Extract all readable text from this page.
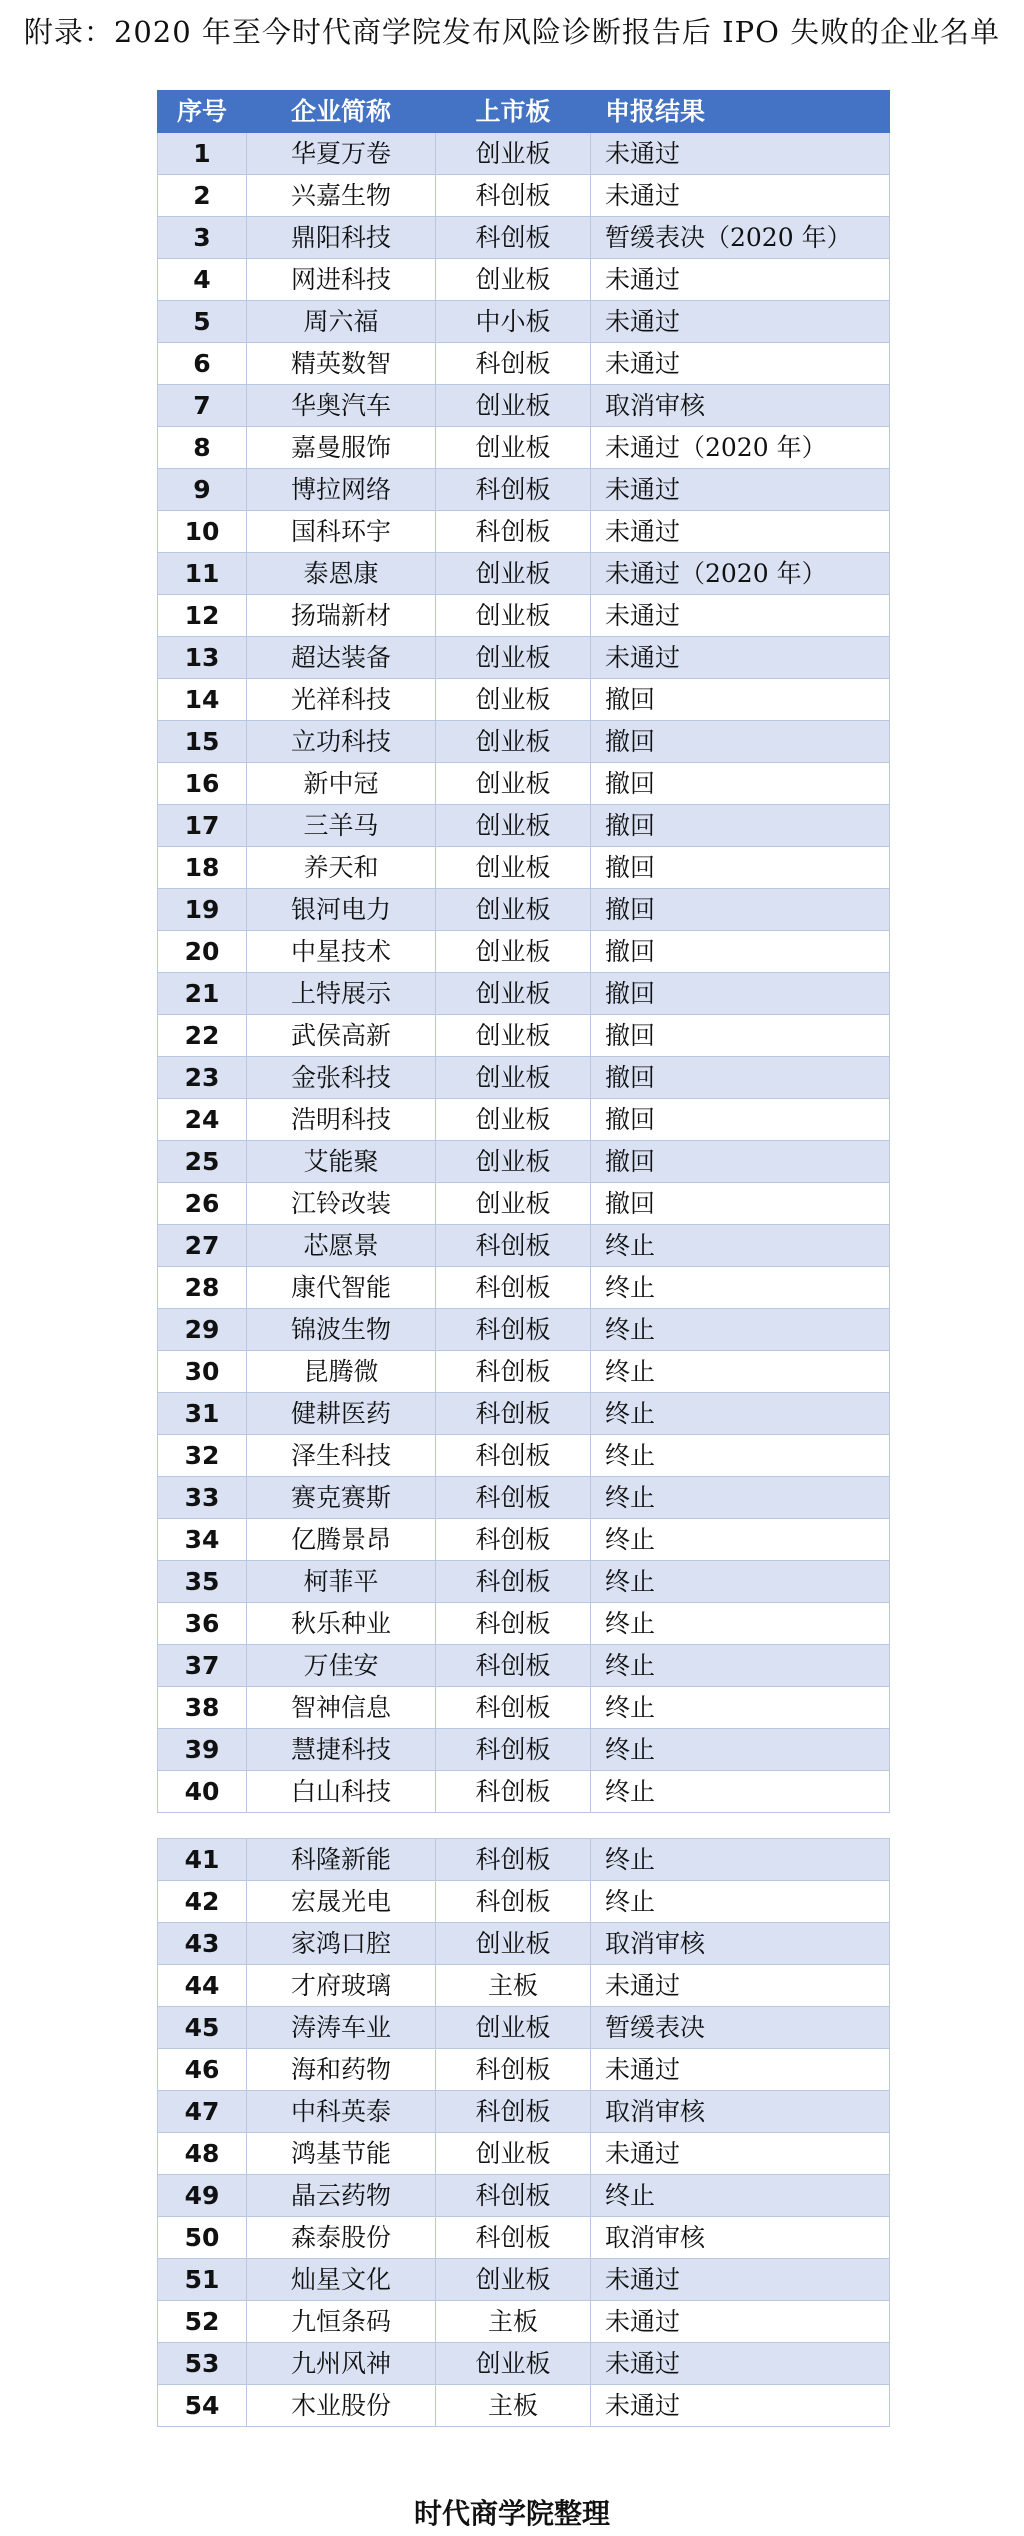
附录：2020 年至今时代商学院发布风险诊断报告后 IPO 失败的企业名单
序号	企业简称	上市板	申报结果
1	华夏万卷	创业板	未通过
2	兴嘉生物	科创板	未通过
3	鼎阳科技	科创板	暂缓表决（2020 年）
4	网进科技	创业板	未通过
5	周六福	中小板	未通过
6	精英数智	科创板	未通过
7	华奥汽车	创业板	取消审核
8	嘉曼服饰	创业板	未通过（2020 年）
9	博拉网络	科创板	未通过
10	国科环宇	科创板	未通过
11	泰恩康	创业板	未通过（2020 年）
12	扬瑞新材	创业板	未通过
13	超达装备	创业板	未通过
14	光祥科技	创业板	撤回
15	立功科技	创业板	撤回
16	新中冠	创业板	撤回
17	三羊马	创业板	撤回
18	养天和	创业板	撤回
19	银河电力	创业板	撤回
20	中星技术	创业板	撤回
21	上特展示	创业板	撤回
22	武侯高新	创业板	撤回
23	金张科技	创业板	撤回
24	浩明科技	创业板	撤回
25	艾能聚	创业板	撤回
26	江铃改装	创业板	撤回
27	芯愿景	科创板	终止
28	康代智能	科创板	终止
29	锦波生物	科创板	终止
30	昆腾微	科创板	终止
31	健耕医药	科创板	终止
32	泽生科技	科创板	终止
33	赛克赛斯	科创板	终止
34	亿腾景昂	科创板	终止
35	柯菲平	科创板	终止
36	秋乐种业	科创板	终止
37	万佳安	科创板	终止
38	智神信息	科创板	终止
39	慧捷科技	科创板	终止
40	白山科技	科创板	终止
41	科隆新能	科创板	终止
42	宏晟光电	科创板	终止
43	家鸿口腔	创业板	取消审核
44	才府玻璃	主板	未通过
45	涛涛车业	创业板	暂缓表决
46	海和药物	科创板	未通过
47	中科英泰	科创板	取消审核
48	鸿基节能	创业板	未通过
49	晶云药物	科创板	终止
50	森泰股份	科创板	取消审核
51	灿星文化	创业板	未通过
52	九恒条码	主板	未通过
53	九州风神	创业板	未通过
54	木业股份	主板	未通过
时代商学院整理
